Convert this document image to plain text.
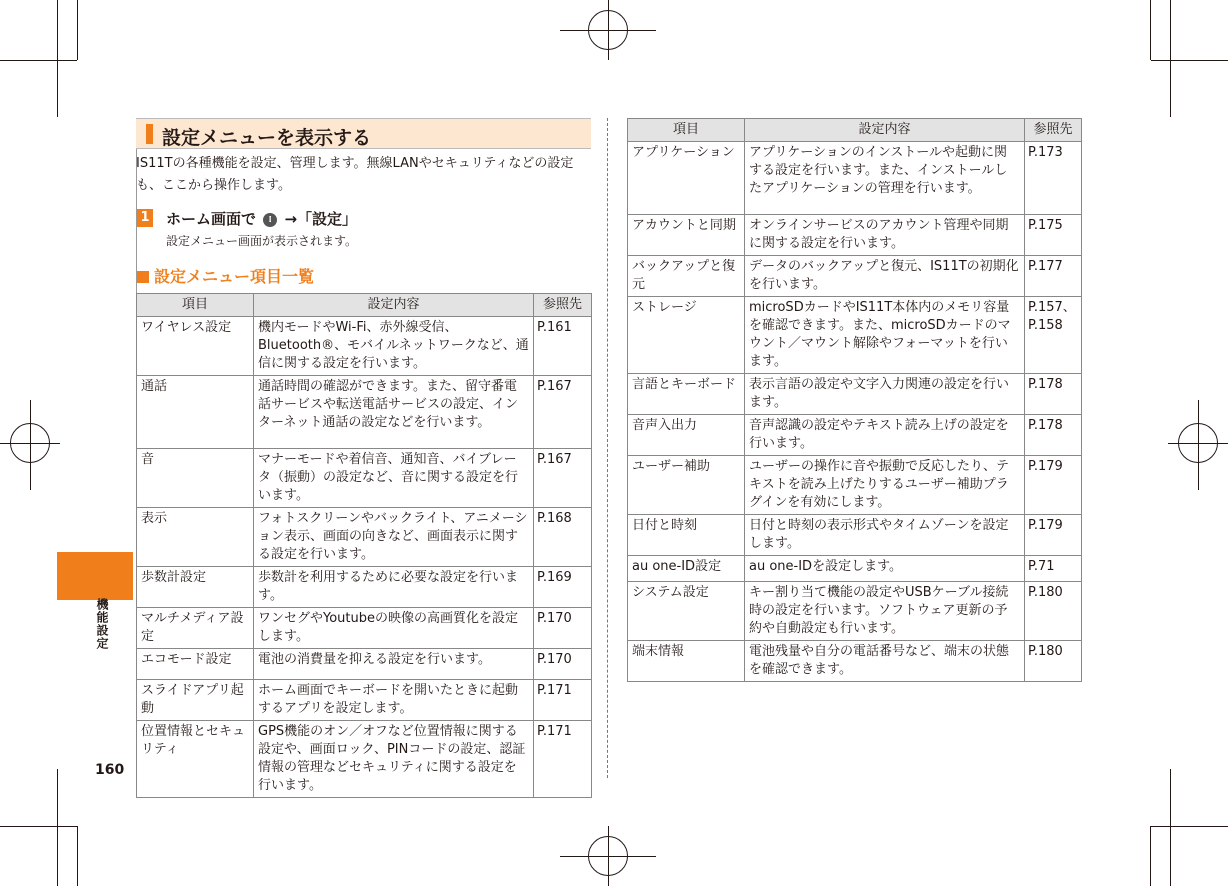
機能設定
160
設定メニューを表示する
IS11Tの各種機能を設定、管理します。無線LANやセキュリティなどの設定も、ここから操作します。
1 ホーム画面で ⁞ →「設定」
設定メニュー画面が表示されます。
設定メニュー項目一覧
項目	設定内容	参照先
ワイヤレス設定	機内モードやWi-Fi、赤外線受信、Bluetooth®、モバイルネットワークなど、通信に関する設定を行います。	P.161
通話	通話時間の確認ができます。また、留守番電話サービスや転送電話サービスの設定、インターネット通話の設定などを行います。	P.167
音	マナーモードや着信音、通知音、バイブレータ（振動）の設定など、音に関する設定を行います。	P.167
表示	フォトスクリーンやバックライト、アニメーション表示、画面の向きなど、画面表示に関する設定を行います。	P.168
歩数計設定	歩数計を利用するために必要な設定を行います。	P.169
マルチメディア設定	ワンセグやYoutubeの映像の高画質化を設定します。	P.170
エコモード設定	電池の消費量を抑える設定を行います。	P.170
スライドアプリ起動	ホーム画面でキーボードを開いたときに起動するアプリを設定します。	P.171
位置情報とセキュリティ	GPS機能のオン／オフなど位置情報に関する設定や、画面ロック、PINコードの設定、認証情報の管理などセキュリティに関する設定を行います。	P.171
項目	設定内容	参照先
アプリケーション	アプリケーションのインストールや起動に関する設定を行います。また、インストールしたアプリケーションの管理を行います。	P.173
アカウントと同期	オンラインサービスのアカウント管理や同期に関する設定を行います。	P.175
バックアップと復元	データのバックアップと復元、IS11Tの初期化を行います。	P.177
ストレージ	microSDカードやIS11T本体内のメモリ容量を確認できます。また、microSDカードのマウント／マウント解除やフォーマットを行います。	P.157、P.158
言語とキーボード	表示言語の設定や文字入力関連の設定を行います。	P.178
音声入出力	音声認識の設定やテキスト読み上げの設定を行います。	P.178
ユーザー補助	ユーザーの操作に音や振動で反応したり、テキストを読み上げたりするユーザー補助プラグインを有効にします。	P.179
日付と時刻	日付と時刻の表示形式やタイムゾーンを設定します。	P.179
au one-ID設定	au one-IDを設定します。	P.71
システム設定	キー割り当て機能の設定やUSBケーブル接続時の設定を行います。ソフトウェア更新の予約や自動設定も行います。	P.180
端末情報	電池残量や自分の電話番号など、端末の状態を確認できます。	P.180
